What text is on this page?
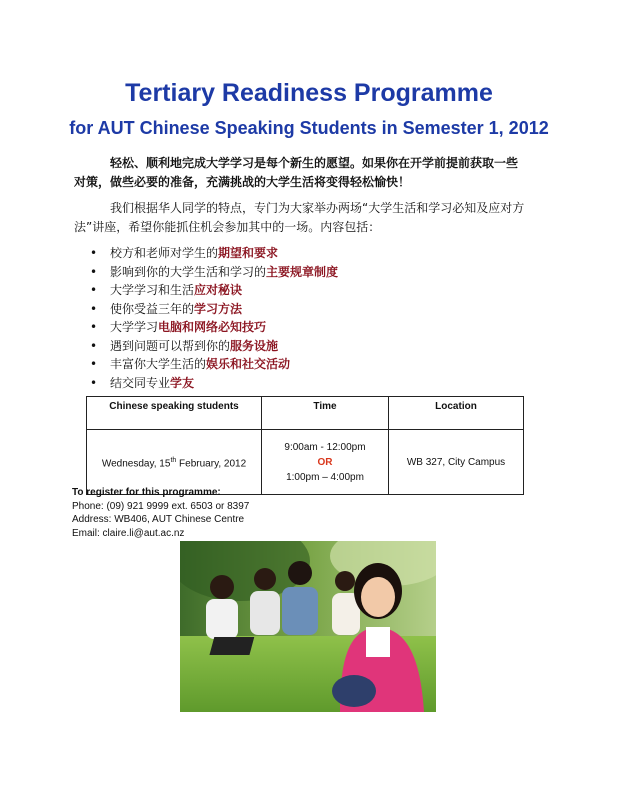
Tertiary Readiness Programme
for AUT Chinese Speaking Students in Semester 1, 2012
轻松、顺利地完成大学学习是每个新生的愿望。如果你在开学前提前获取一些
对策，做些必要的准备，充满挑战的大学生活将变得轻松愉快！
我们根据华人同学的特点，专门为大家举办两场“大学生活和学习必知及应对方
法”讲座，希望你能抓住机会参加其中的一场。内容包括：
• 校方和老师对学生的期望和要求
• 影响到你的大学生活和学习的主要规章制度
• 大学学习和生活应对秘诀
• 使你受益三年的学习方法
• 大学学习电脑和网络必知技巧
• 遇到问题可以帮到你的服务设施
• 丰富你大学生活的娱乐和社交活动
• 结交同专业学友
Chinese speaking students	Time	Location
Wednesday, 15th February, 2012	9:00am - 12:00pm
OR
1:00pm – 4:00pm	WB 327, City Campus
To register for this programme:
Phone: (09) 921 9999 ext. 6503 or 8397
Address: WB406, AUT Chinese Centre
Email: claire.li@aut.ac.nz
